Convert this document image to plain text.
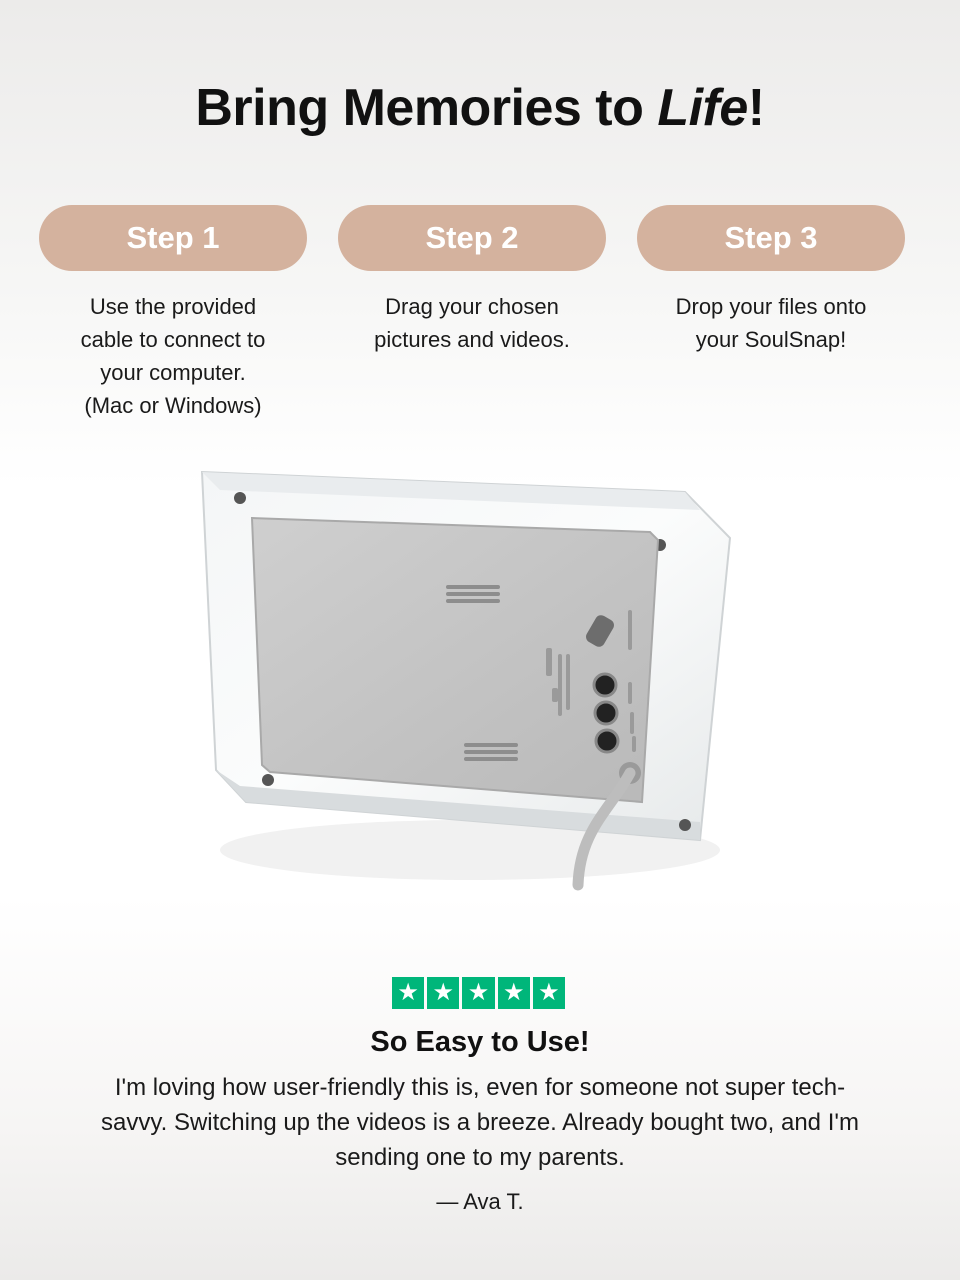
Bring Memories to Life!
Step 1	Step 2	Step 3
Use the provided
cable to connect to
your computer.
(Mac or Windows)
Drag your chosen
pictures and videos.
Drop your files onto
your SoulSnap!
★ ★ ★ ★ ★
So Easy to Use!
I'm loving how user-friendly this is, even for someone not super tech-savvy. Switching up the videos is a breeze. Already bought two, and I'm sending one to my parents.
— Ava T.
